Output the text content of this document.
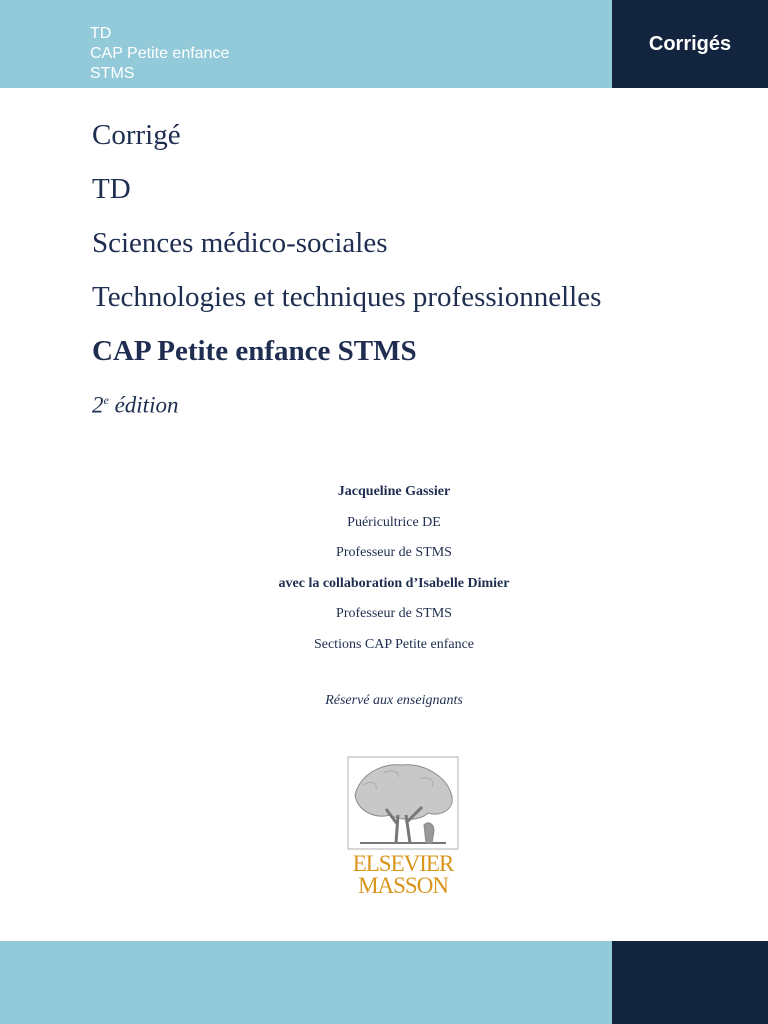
TD
CAP Petite enfance
STMS
Corrigés
Corrigé
TD
Sciences médico-sociales
Technologies et techniques professionnelles
CAP Petite enfance STMS
2e édition
Jacqueline Gassier
Puéricultrice DE
Professeur de STMS
avec la collaboration d’Isabelle Dimier
Professeur de STMS
Sections CAP Petite enfance
Réservé aux enseignants
ELSEVIER
MASSON
